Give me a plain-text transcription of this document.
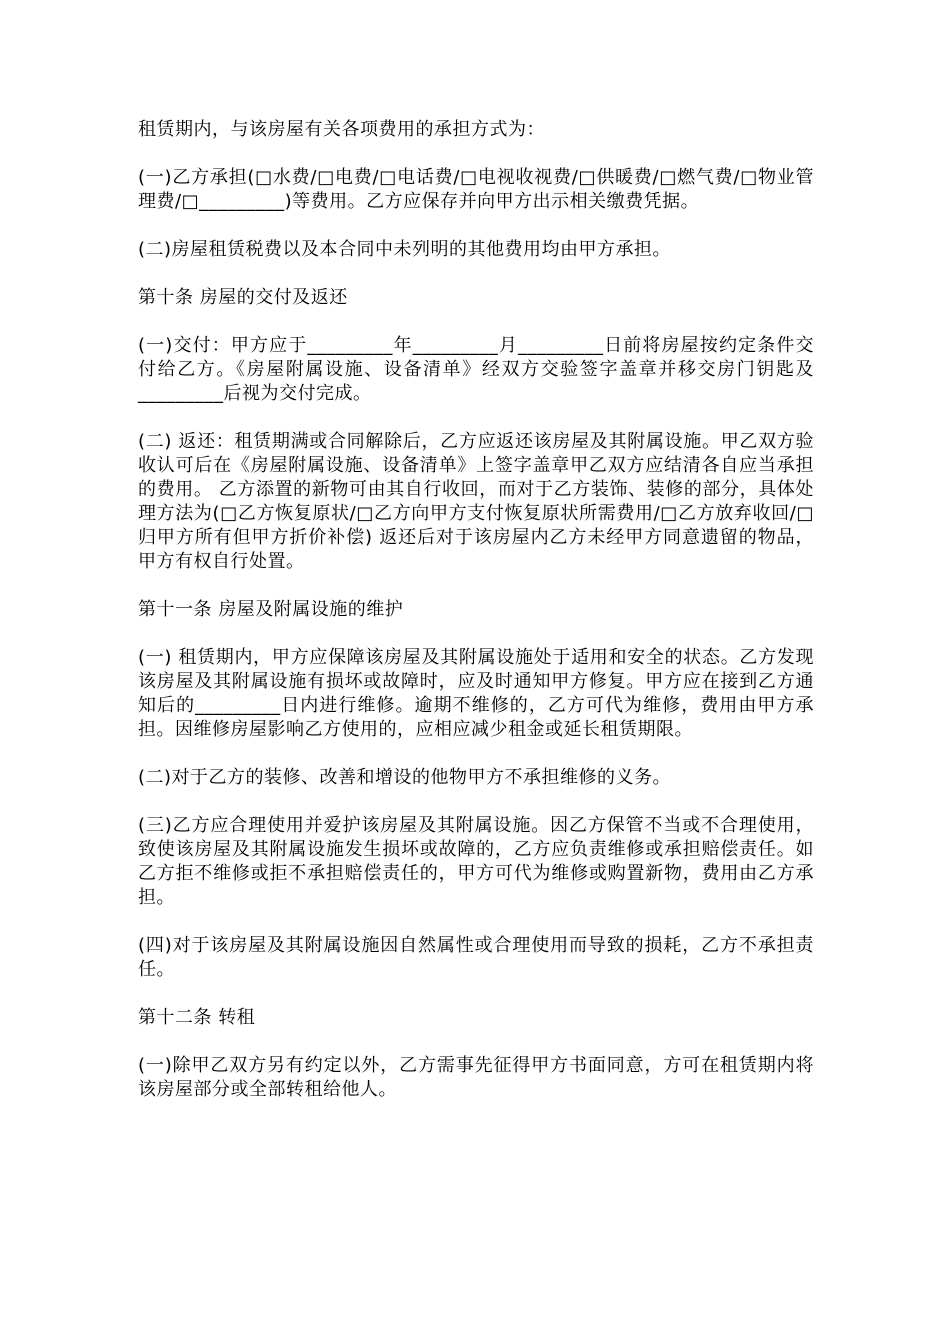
租赁期内，与该房屋有关各项费用的承担方式为：

(一)乙方承担(□水费/□电费/□电话费/□电视收视费/□供暖费/□燃气费/□物业管理费/□_________)等费用。乙方应保存并向甲方出示相关缴费凭据。

(二)房屋租赁税费以及本合同中未列明的其他费用均由甲方承担。

第十条 房屋的交付及返还

(一)交付：甲方应于_________年_________月_________日前将房屋按约定条件交付给乙方。《房屋附属设施、设备清单》经双方交验签字盖章并移交房门钥匙及_________后视为交付完成。

(二) 返还：租赁期满或合同解除后，乙方应返还该房屋及其附属设施。甲乙双方验收认可后在《房屋附属设施、设备清单》上签字盖章甲乙双方应结清各自应当承担的费用。 乙方添置的新物可由其自行收回，而对于乙方装饰、装修的部分，具体处理方法为(□乙方恢复原状/□乙方向甲方支付恢复原状所需费用/□乙方放弃收回/□归甲方所有但甲方折价补偿) 返还后对于该房屋内乙方未经甲方同意遗留的物品，甲方有权自行处置。

第十一条 房屋及附属设施的维护

(一) 租赁期内，甲方应保障该房屋及其附属设施处于适用和安全的状态。乙方发现该房屋及其附属设施有损坏或故障时，应及时通知甲方修复。甲方应在接到乙方通知后的_________日内进行维修。逾期不维修的，乙方可代为维修，费用由甲方承担。因维修房屋影响乙方使用的，应相应减少租金或延长租赁期限。

(二)对于乙方的装修、改善和增设的他物甲方不承担维修的义务。

(三)乙方应合理使用并爱护该房屋及其附属设施。因乙方保管不当或不合理使用，致使该房屋及其附属设施发生损坏或故障的，乙方应负责维修或承担赔偿责任。如乙方拒不维修或拒不承担赔偿责任的，甲方可代为维修或购置新物，费用由乙方承担。

(四)对于该房屋及其附属设施因自然属性或合理使用而导致的损耗，乙方不承担责任。

第十二条 转租

(一)除甲乙双方另有约定以外，乙方需事先征得甲方书面同意，方可在租赁期内将该房屋部分或全部转租给他人。
